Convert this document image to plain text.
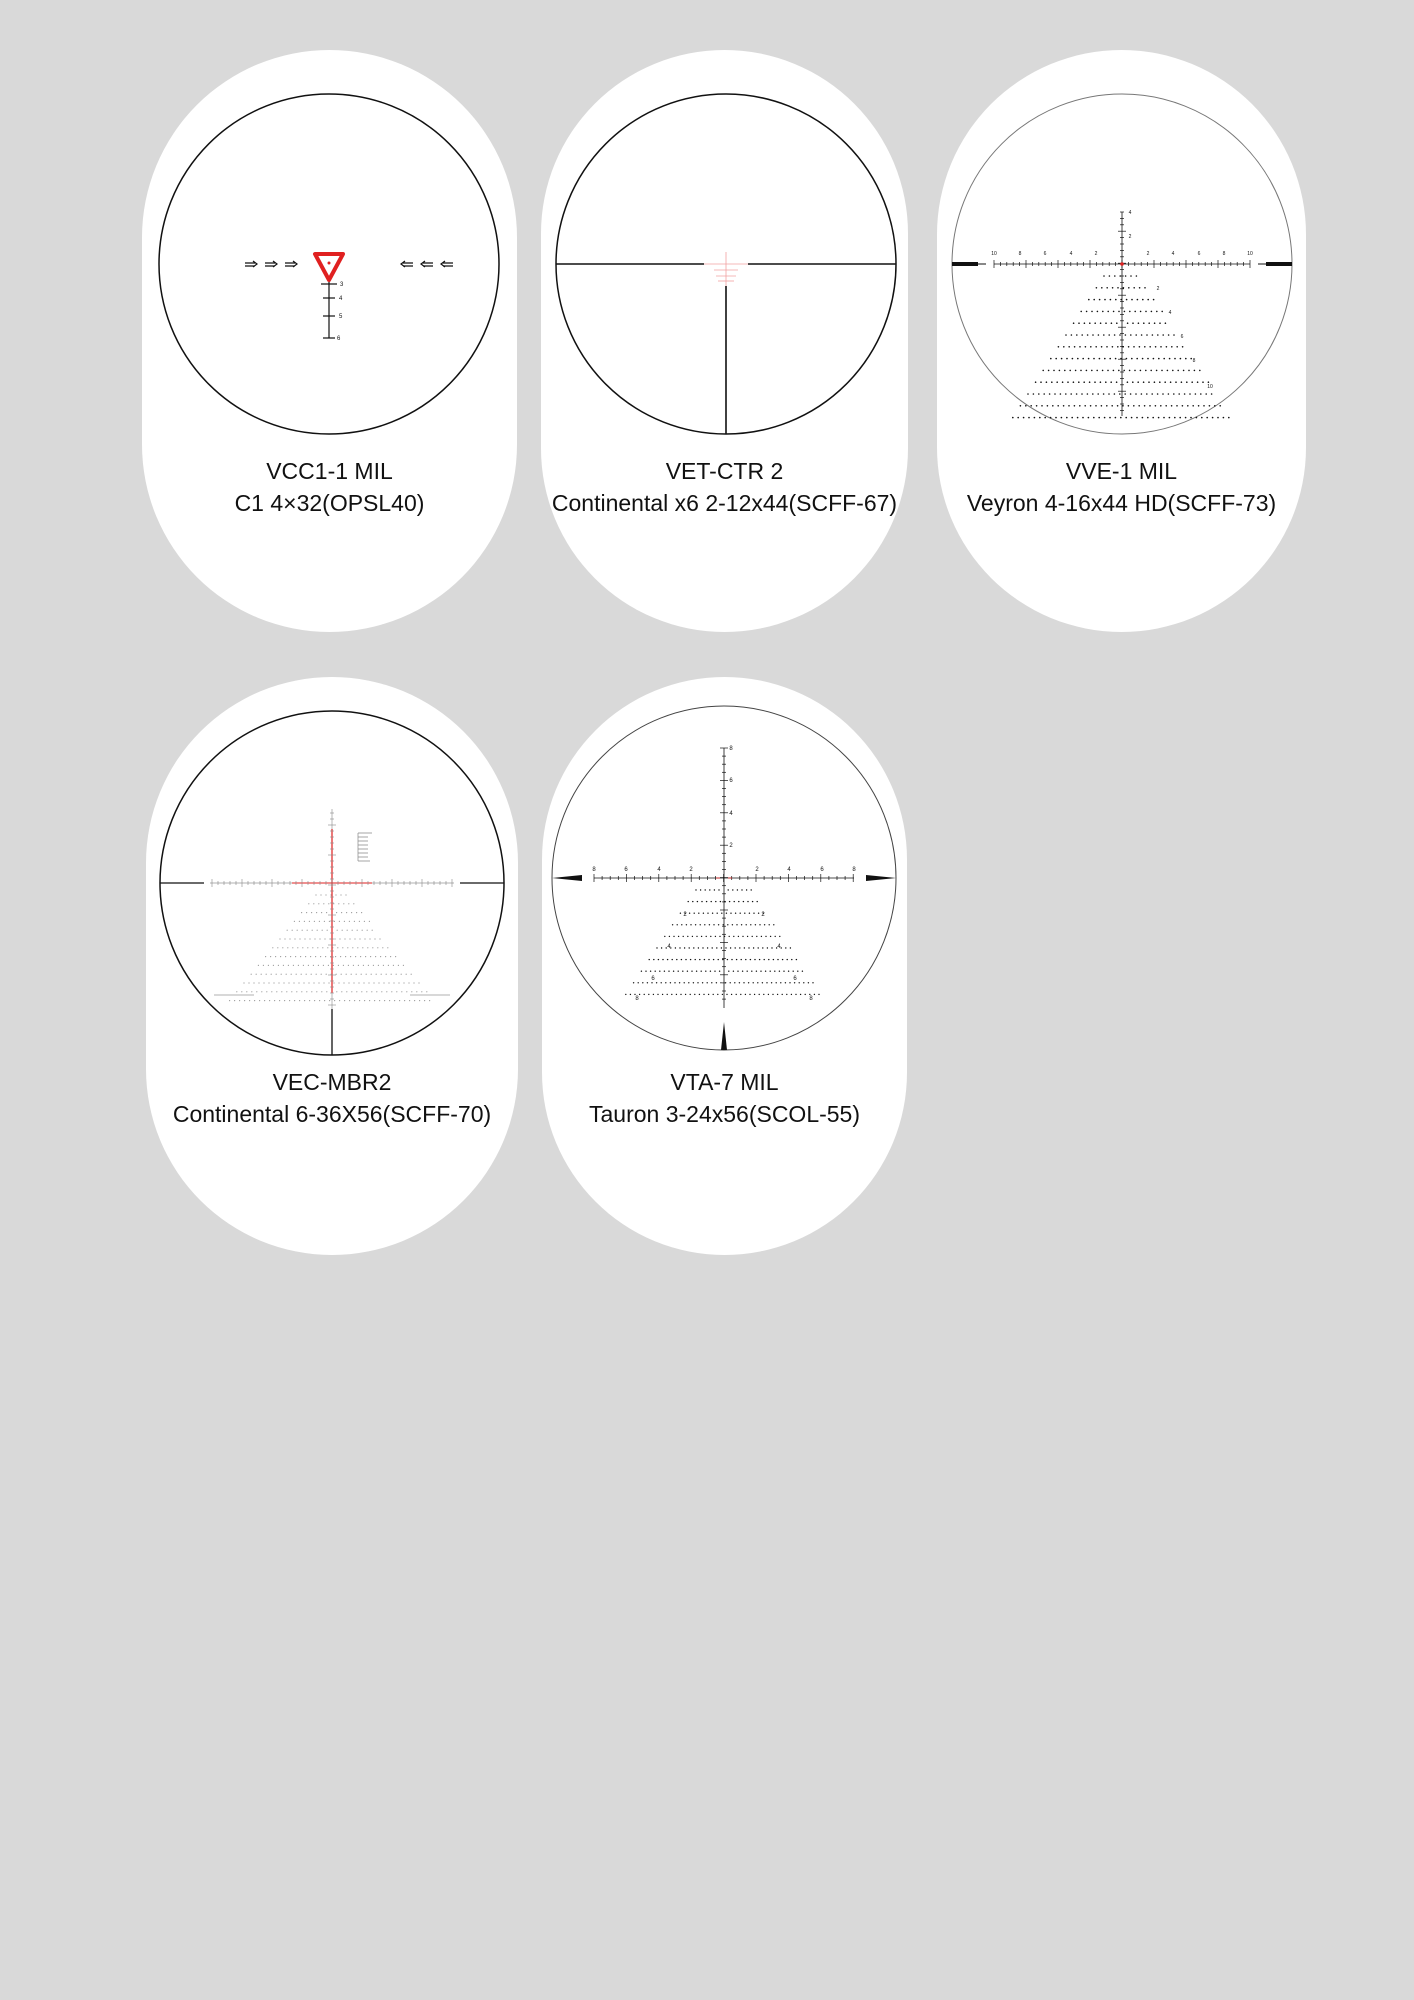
3
4
5
6
VCC1-1 MIL
C1 4×32(OPSL40)
VET-CTR 2
Continental x6 2-12x44(SCFF-67)
10	8	6	4	2	2	4	6	8	10
4
2
2
4
6
8
10
VVE-1 MIL
Veyron 4-16x44 HD(SCFF-73)
VEC-MBR2
Continental 6-36X56(SCFF-70)
8	6	4	2	2	4	6	8
8
6
4
2
2	2
4	4
6	6
8	8
VTA-7 MIL
Tauron 3-24x56(SCOL-55)
